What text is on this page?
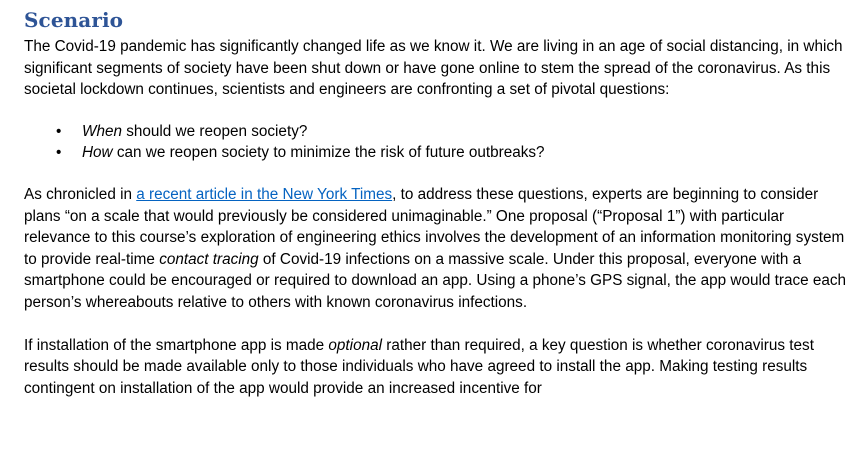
Scenario

The Covid-19 pandemic has significantly changed life as we know it. We are living in an age of social distancing, in which significant segments of society have been shut down or have gone online to stem the spread of the coronavirus. As this societal lockdown continues, scientists and engineers are confronting a set of pivotal questions:

• When should we reopen society?
• How can we reopen society to minimize the risk of future outbreaks?

As chronicled in a recent article in the New York Times, to address these questions, experts are beginning to consider plans “on a scale that would previously be considered unimaginable.” One proposal (“Proposal 1”) with particular relevance to this course’s exploration of engineering ethics involves the development of an information monitoring system to provide real-time contact tracing of Covid-19 infections on a massive scale. Under this proposal, everyone with a smartphone could be encouraged or required to download an app. Using a phone’s GPS signal, the app would trace each person’s whereabouts relative to others with known coronavirus infections.

If installation of the smartphone app is made optional rather than required, a key question is whether coronavirus test results should be made available only to those individuals who have agreed to install the app. Making testing results contingent on installation of the app would provide an increased incentive for
